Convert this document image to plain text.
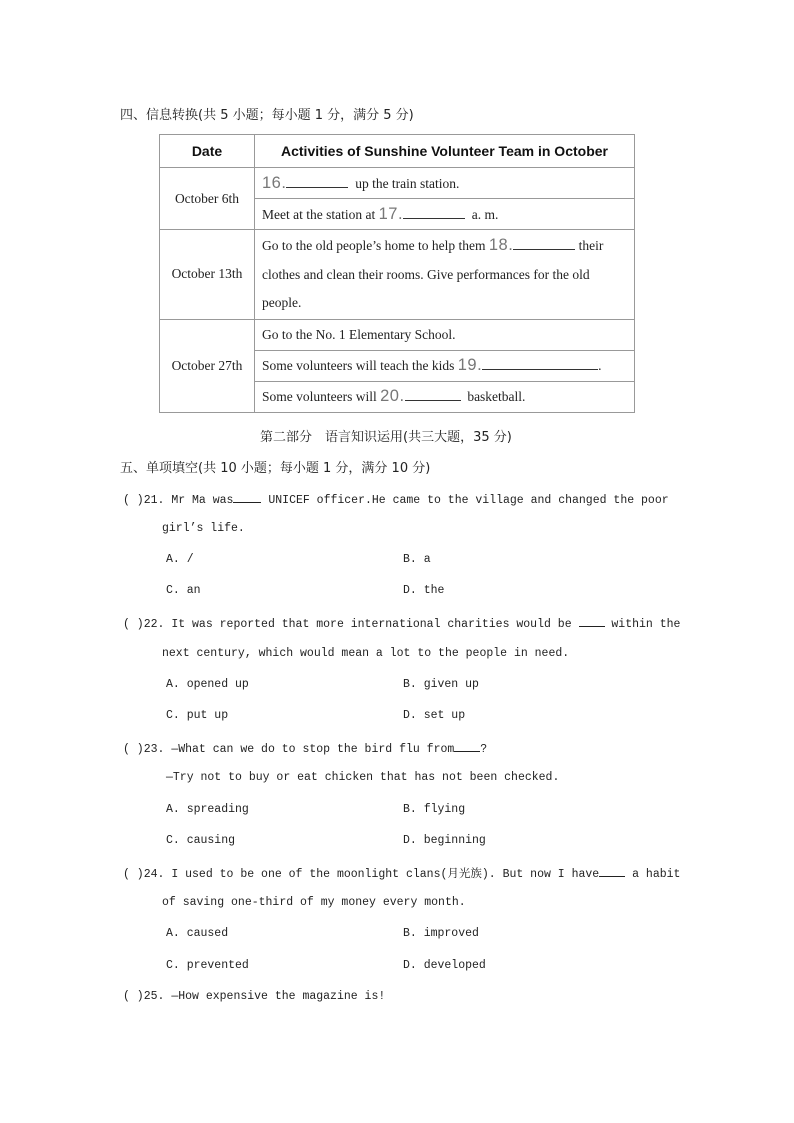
四、信息转换(共 5 小题；每小题 1 分，满分 5 分)
Date	Activities of Sunshine Volunteer Team in October
October 6th	16. up the train station.
	Meet at the station at 17. a. m.
October 13th	Go to the old people’s home to help them 18. their clothes and clean their rooms. Give performances for the old people.
October 27th	Go to the No. 1 Elementary School.
	Some volunteers will teach the kids 19. .
	Some volunteers will 20. basketball.
第二部分　语言知识运用(共三大题，35 分)
五、单项填空(共 10 小题；每小题 1 分，满分 10 分)
( )21. Mr Ma was	UNICEF officer.He came to the village and changed the poor
girl’s life.
A. /	B. a
C. an	D. the
( )22. It was reported that more international charities would be	within the
next century, which would mean a lot to the people in need.
A. opened up	B. given up
C. put up	D. set up
( )23. —What can we do to stop the bird flu from ?
—Try not to buy or eat chicken that has not been checked.
A. spreading	B. flying
C. causing	D. beginning
( )24. I used to be one of the moonlight clans(月光族). But now I have	a habit
of saving one-third of my money every month.
A. caused	B. improved
C. prevented	D. developed
( )25. —How expensive the magazine is!
